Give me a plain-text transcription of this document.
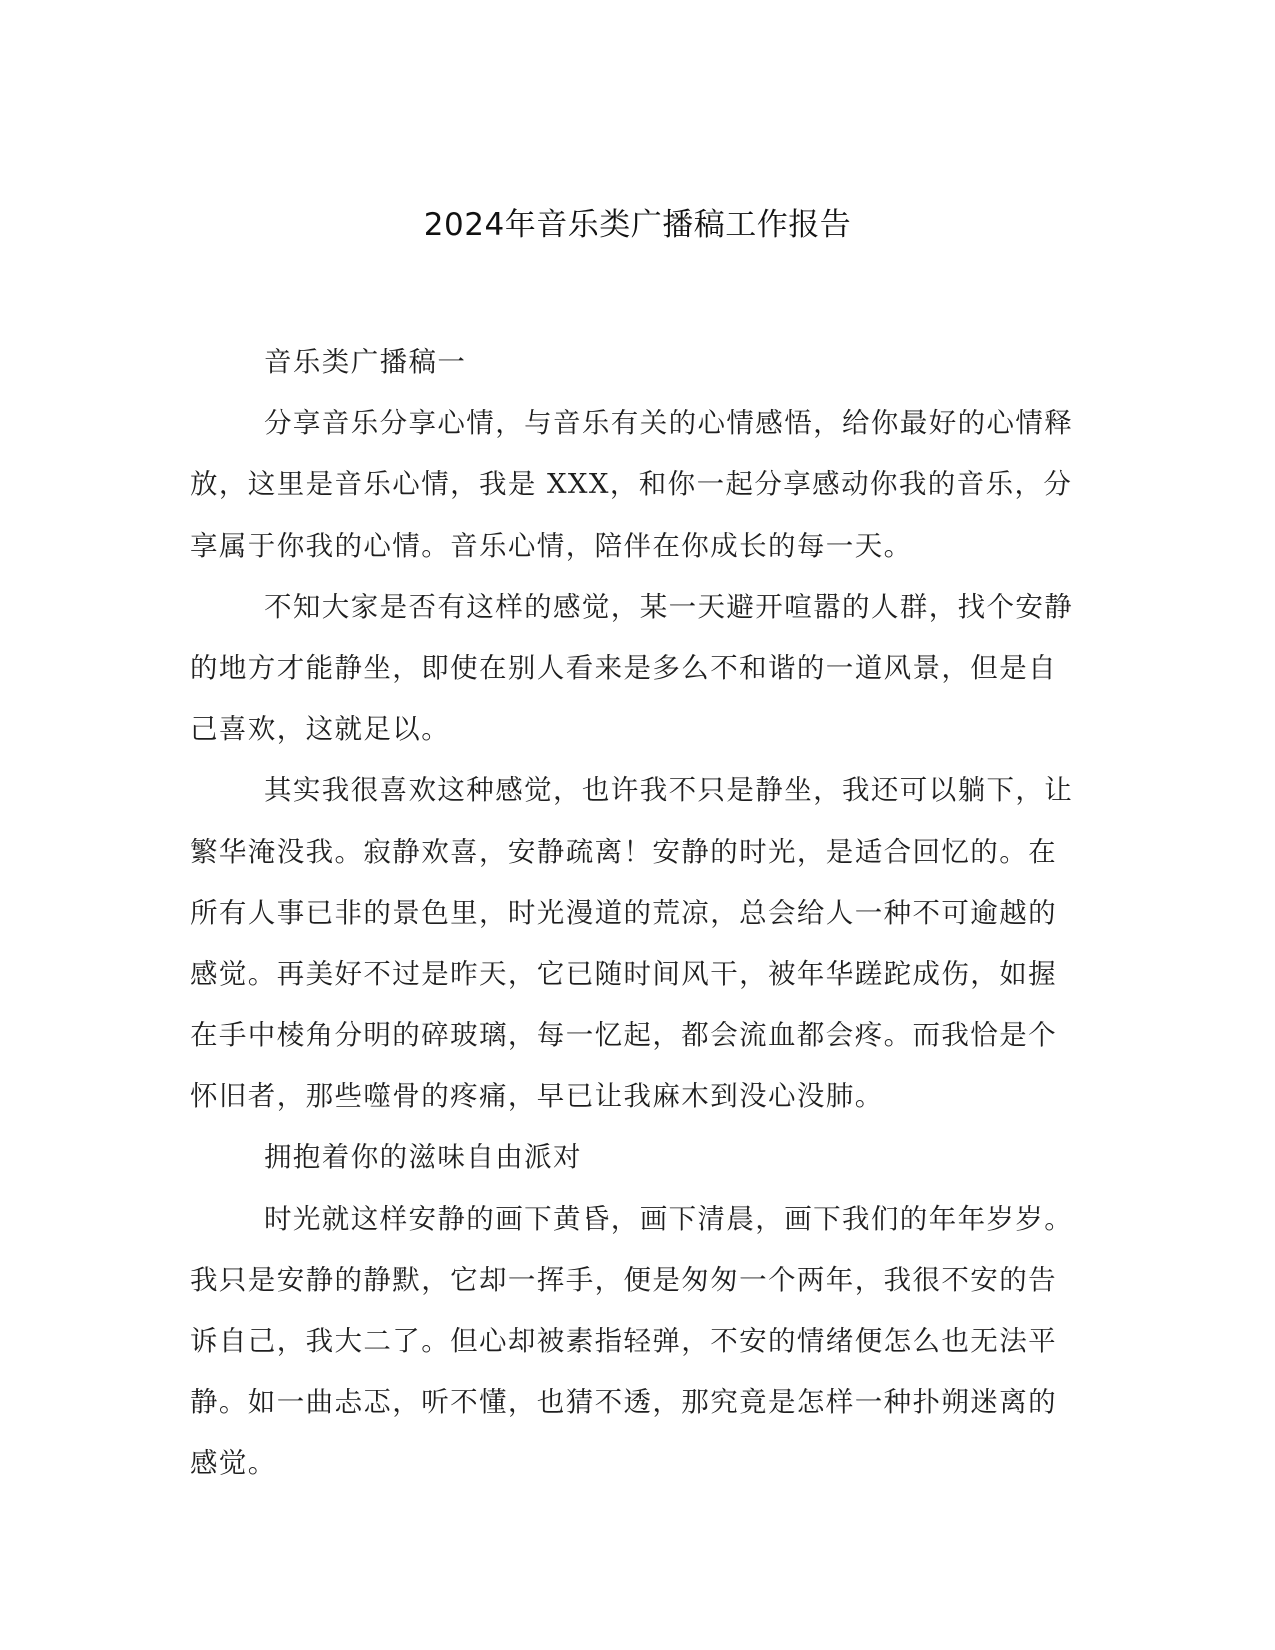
2024年音乐类广播稿工作报告
音乐类广播稿一
分享音乐分享心情，与音乐有关的心情感悟，给你最好的心情释
放，这里是音乐心情，我是 XXX，和你一起分享感动你我的音乐，分
享属于你我的心情。音乐心情，陪伴在你成长的每一天。
不知大家是否有这样的感觉，某一天避开喧嚣的人群，找个安静
的地方才能静坐，即使在别人看来是多么不和谐的一道风景，但是自
己喜欢，这就足以。
其实我很喜欢这种感觉，也许我不只是静坐，我还可以躺下，让
繁华淹没我。寂静欢喜，安静疏离！安静的时光，是适合回忆的。在
所有人事已非的景色里，时光漫道的荒凉，总会给人一种不可逾越的
感觉。再美好不过是昨天，它已随时间风干，被年华蹉跎成伤，如握
在手中棱角分明的碎玻璃，每一忆起，都会流血都会疼。而我恰是个
怀旧者，那些噬骨的疼痛，早已让我麻木到没心没肺。
拥抱着你的滋味自由派对
时光就这样安静的画下黄昏，画下清晨，画下我们的年年岁岁。
我只是安静的静默，它却一挥手，便是匆匆一个两年，我很不安的告
诉自己，我大二了。但心却被素指轻弹，不安的情绪便怎么也无法平
静。如一曲忐忑，听不懂，也猜不透，那究竟是怎样一种扑朔迷离的
感觉。
